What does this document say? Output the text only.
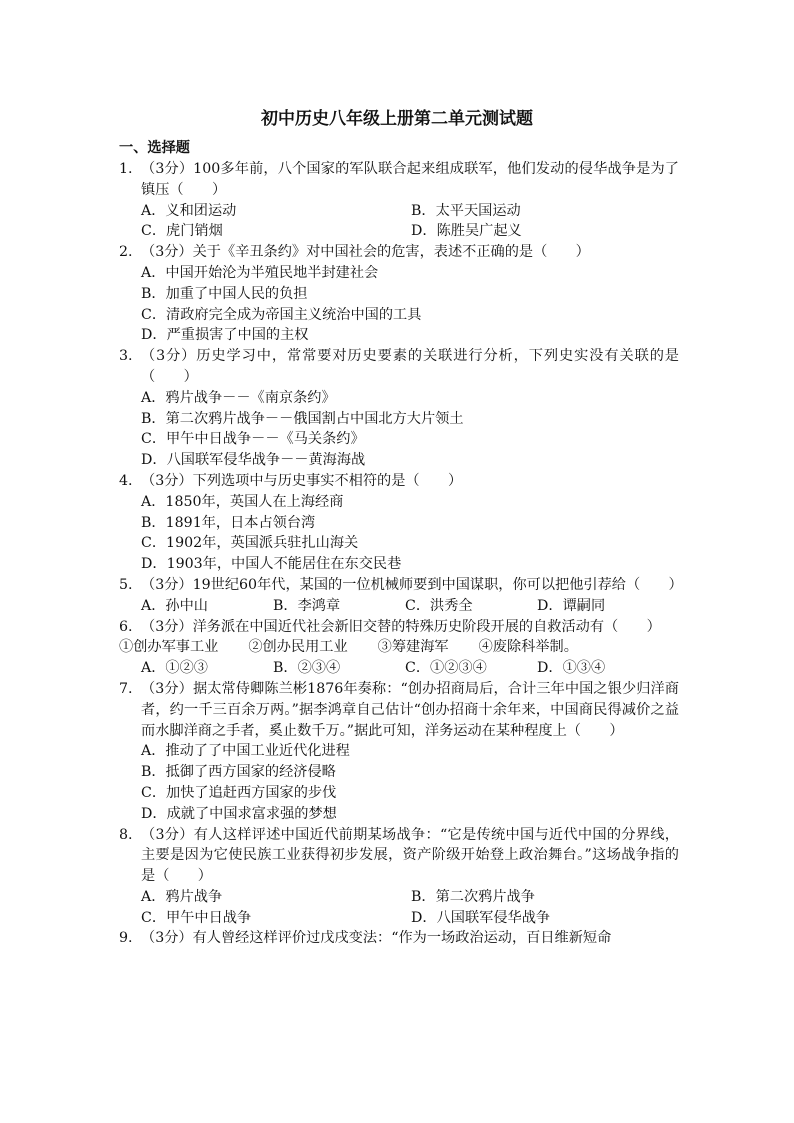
初中历史八年级上册第二单元测试题
一、选择题
1. （3分）100多年前，八个国家的军队联合起来组成联军，他们发动的侵华战争是为了镇压（　　）
A．义和团运动	B．太平天国运动
C．虎门销烟	D．陈胜吴广起义
2. （3分）关于《辛丑条约》对中国社会的危害，表述不正确的是（　　）
A．中国开始沦为半殖民地半封建社会
B．加重了中国人民的负担
C．清政府完全成为帝国主义统治中国的工具
D．严重损害了中国的主权
3. （3分）历史学习中，常常要对历史要素的关联进行分析，下列史实没有关联的是（　　）
A．鸦片战争－－《南京条约》
B．第二次鸦片战争－－俄国割占中国北方大片领土
C．甲午中日战争－－《马关条约》
D．八国联军侵华战争－－黄海海战
4. （3分）下列选项中与历史事实不相符的是（　　）
A．1850年，英国人在上海经商
B．1891年，日本占领台湾
C．1902年，英国派兵驻扎山海关
D．1903年，中国人不能居住在东交民巷
5. （3分）19世纪60年代，某国的一位机械师要到中国谋职，你可以把他引荐给（　　）
A．孙中山	B．李鸿章	C．洪秀全	D．谭嗣同
6. （3分）洋务派在中国近代社会新旧交替的特殊历史阶段开展的自救活动有（　　）
①创办军事工业 ②创办民用工业 ③筹建海军 ④废除科举制。
A．①②③	B．②③④	C．①②③④	D．①③④
7. （3分）据太常侍卿陈兰彬1876年奏称：“创办招商局后，合计三年中国之银少归洋商者，约一千三百余万两。”据李鸿章自己估计“创办招商十余年来，中国商民得减价之益而水脚洋商之手者，奚止数千万。”据此可知，洋务运动在某种程度上（　　）
A．推动了了中国工业近代化进程
B．抵御了西方国家的经济侵略
C．加快了追赶西方国家的步伐
D．成就了中国求富求强的梦想
8. （3分）有人这样评述中国近代前期某场战争：“它是传统中国与近代中国的分界线，主要是因为它使民族工业获得初步发展，资产阶级开始登上政治舞台。”这场战争指的是（　　）
A．鸦片战争	B．第二次鸦片战争
C．甲午中日战争	D．八国联军侵华战争
9. （3分）有人曾经这样评价过戊戌变法：“作为一场政治运动，百日维新短命
